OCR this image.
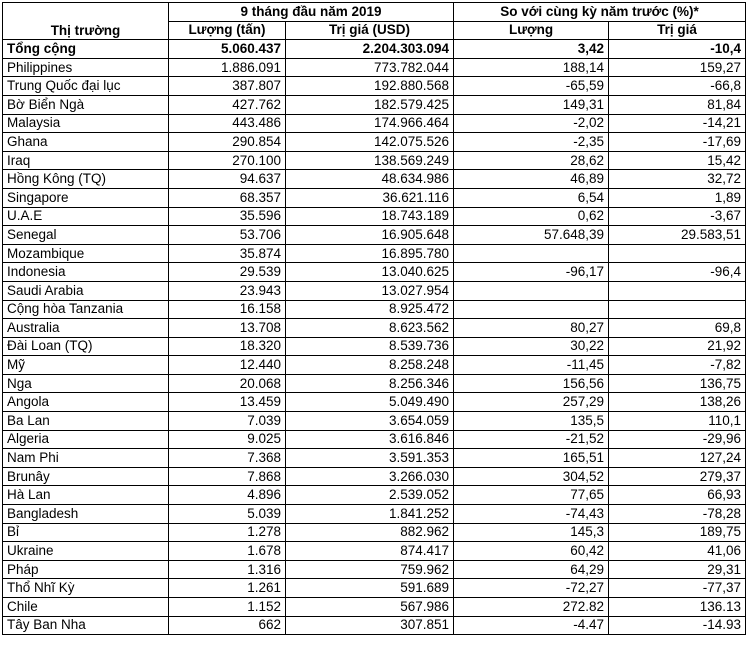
Thị trường	9 tháng đầu năm 2019		So với cùng kỳ năm trước (%)*	
	Lượng (tấn)	Trị giá (USD)	Lượng	Trị giá
Tổng cộng	5.060.437	2.204.303.094	3,42	-10,4
Philippines	1.886.091	773.782.044	188,14	159,27
Trung Quốc đại lục	387.807	192.880.568	-65,59	-66,8
Bờ Biển Ngà	427.762	182.579.425	149,31	81,84
Malaysia	443.486	174.966.464	-2,02	-14,21
Ghana	290.854	142.075.526	-2,35	-17,69
Iraq	270.100	138.569.249	28,62	15,42
Hồng Kông (TQ)	94.637	48.634.986	46,89	32,72
Singapore	68.357	36.621.116	6,54	1,89
U.A.E	35.596	18.743.189	0,62	-3,67
Senegal	53.706	16.905.648	57.648,39	29.583,51
Mozambique	35.874	16.895.780		
Indonesia	29.539	13.040.625	-96,17	-96,4
Saudi Arabia	23.943	13.027.954		
Cộng hòa Tanzania	16.158	8.925.472		
Australia	13.708	8.623.562	80,27	69,8
Đài Loan (TQ)	18.320	8.539.736	30,22	21,92
Mỹ	12.440	8.258.248	-11,45	-7,82
Nga	20.068	8.256.346	156,56	136,75
Angola	13.459	5.049.490	257,29	138,26
Ba Lan	7.039	3.654.059	135,5	110,1
Algeria	9.025	3.616.846	-21,52	-29,96
Nam Phi	7.368	3.591.353	165,51	127,24
Brunây	7.868	3.266.030	304,52	279,37
Hà Lan	4.896	2.539.052	77,65	66,93
Bangladesh	5.039	1.841.252	-74,43	-78,28
Bỉ	1.278	882.962	145,3	189,75
Ukraine	1.678	874.417	60,42	41,06
Pháp	1.316	759.962	64,29	29,31
Thổ Nhĩ Kỳ	1.261	591.689	-72,27	-77,37
Chile	1.152	567.986	272.82	136.13
Tây Ban Nha	662	307.851	-4.47	-14.93
